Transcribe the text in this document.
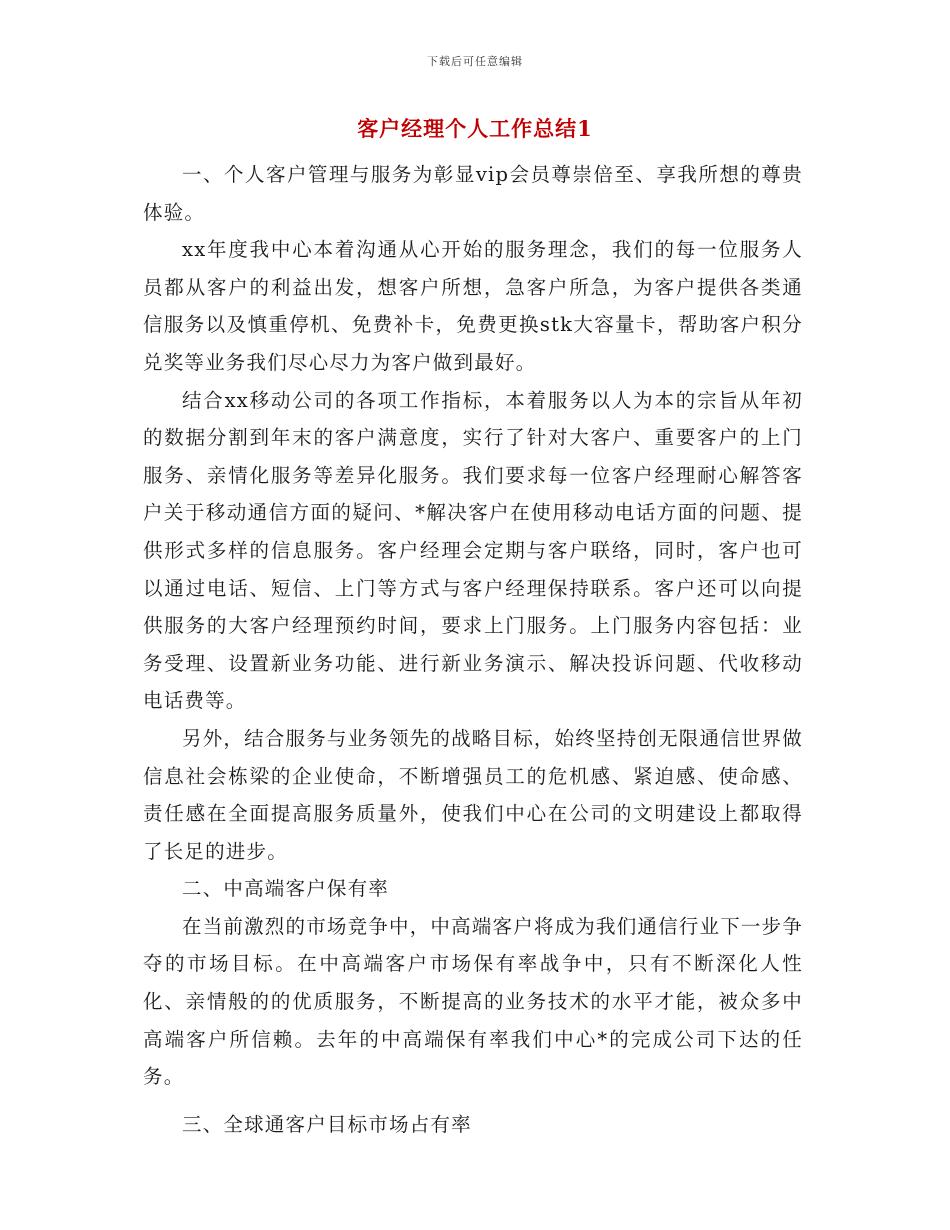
下载后可任意编辑
客户经理个人工作总结1

一、个人客户管理与服务为彰显vip会员尊崇倍至、享我所想的尊贵体验。

xx年度我中心本着沟通从心开始的服务理念，我们的每一位服务人员都从客户的利益出发，想客户所想，急客户所急，为客户提供各类通信服务以及慎重停机、免费补卡，免费更换stk大容量卡，帮助客户积分兑奖等业务我们尽心尽力为客户做到最好。

结合xx移动公司的各项工作指标，本着服务以人为本的宗旨从年初的数据分割到年末的客户满意度，实行了针对大客户、重要客户的上门服务、亲情化服务等差异化服务。我们要求每一位客户经理耐心解答客户关于移动通信方面的疑问、*解决客户在使用移动电话方面的问题、提供形式多样的信息服务。客户经理会定期与客户联络，同时，客户也可以通过电话、短信、上门等方式与客户经理保持联系。客户还可以向提供服务的大客户经理预约时间，要求上门服务。上门服务内容包括：业务受理、设置新业务功能、进行新业务演示、解决投诉问题、代收移动电话费等。

另外，结合服务与业务领先的战略目标，始终坚持创无限通信世界做信息社会栋梁的企业使命，不断增强员工的危机感、紧迫感、使命感、责任感在全面提高服务质量外，使我们中心在公司的文明建设上都取得了长足的进步。

二、中高端客户保有率

在当前激烈的市场竞争中，中高端客户将成为我们通信行业下一步争夺的市场目标。在中高端客户市场保有率战争中，只有不断深化人性化、亲情般的的优质服务，不断提高的业务技术的水平才能，被众多中高端客户所信赖。去年的中高端保有率我们中心*的完成公司下达的任务。

三、全球通客户目标市场占有率
